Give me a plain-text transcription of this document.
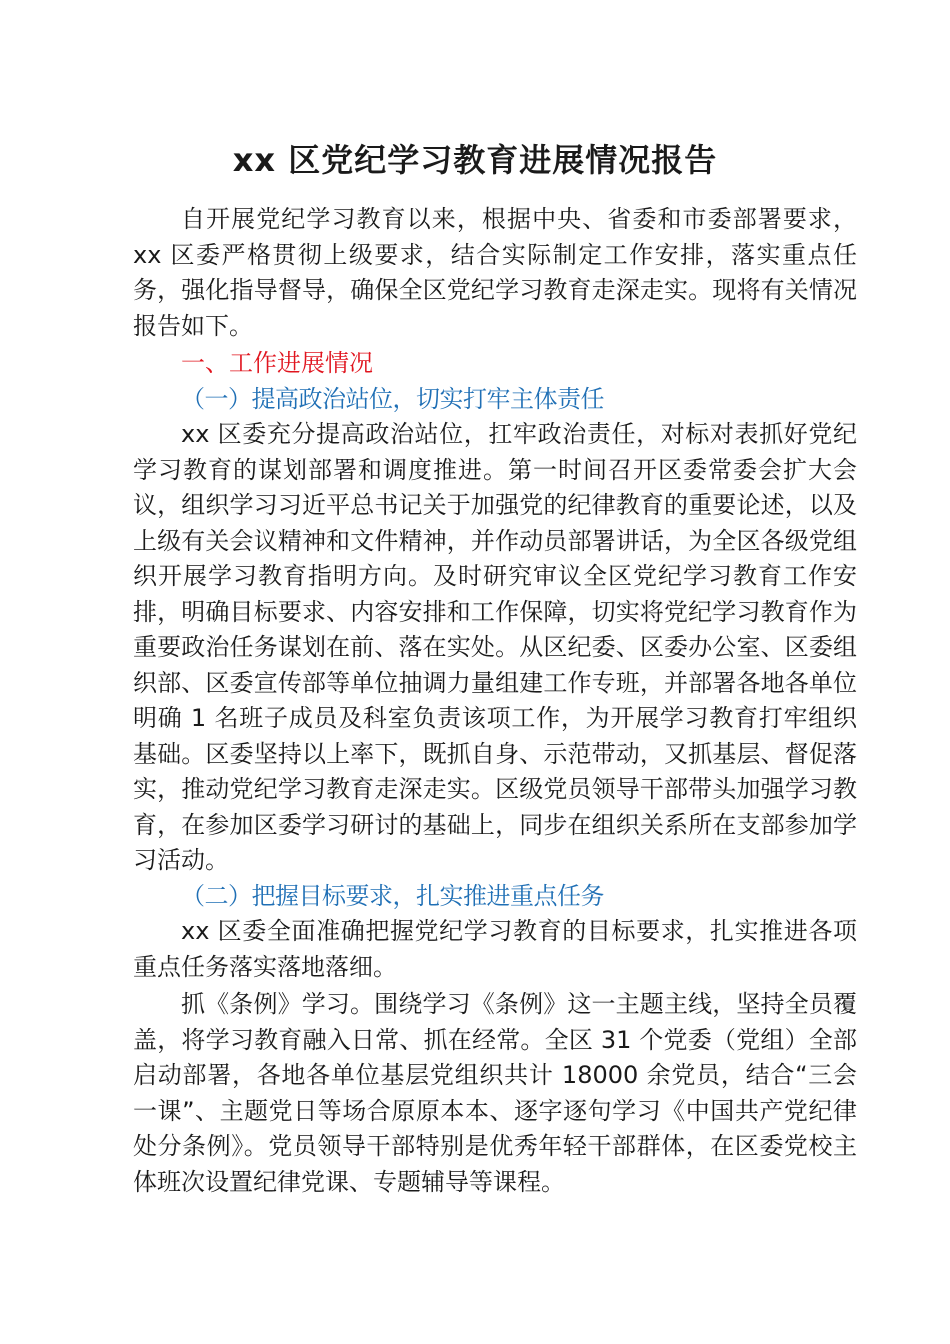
xx 区党纪学习教育进展情况报告

自开展党纪学习教育以来，根据中央、省委和市委部署要求，xx 区委严格贯彻上级要求，结合实际制定工作安排，落实重点任务，强化指导督导，确保全区党纪学习教育走深走实。现将有关情况报告如下。

一、工作进展情况

（一）提高政治站位，切实打牢主体责任

xx 区委充分提高政治站位，扛牢政治责任，对标对表抓好党纪学习教育的谋划部署和调度推进。第一时间召开区委常委会扩大会议，组织学习习近平总书记关于加强党的纪律教育的重要论述，以及上级有关会议精神和文件精神，并作动员部署讲话，为全区各级党组织开展学习教育指明方向。及时研究审议全区党纪学习教育工作安排，明确目标要求、内容安排和工作保障，切实将党纪学习教育作为重要政治任务谋划在前、落在实处。从区纪委、区委办公室、区委组织部、区委宣传部等单位抽调力量组建工作专班，并部署各地各单位明确 1 名班子成员及科室负责该项工作，为开展学习教育打牢组织基础。区委坚持以上率下，既抓自身、示范带动，又抓基层、督促落实，推动党纪学习教育走深走实。区级党员领导干部带头加强学习教育，在参加区委学习研讨的基础上，同步在组织关系所在支部参加学习活动。

（二）把握目标要求，扎实推进重点任务

xx 区委全面准确把握党纪学习教育的目标要求，扎实推进各项重点任务落实落地落细。

抓《条例》学习。围绕学习《条例》这一主题主线，坚持全员覆盖，将学习教育融入日常、抓在经常。全区 31 个党委（党组）全部启动部署，各地各单位基层党组织共计 18000 余党员，结合“三会一课”、主题党日等场合原原本本、逐字逐句学习《中国共产党纪律处分条例》。党员领导干部特别是优秀年轻干部群体，在区委党校主体班次设置纪律党课、专题辅导等课程。
